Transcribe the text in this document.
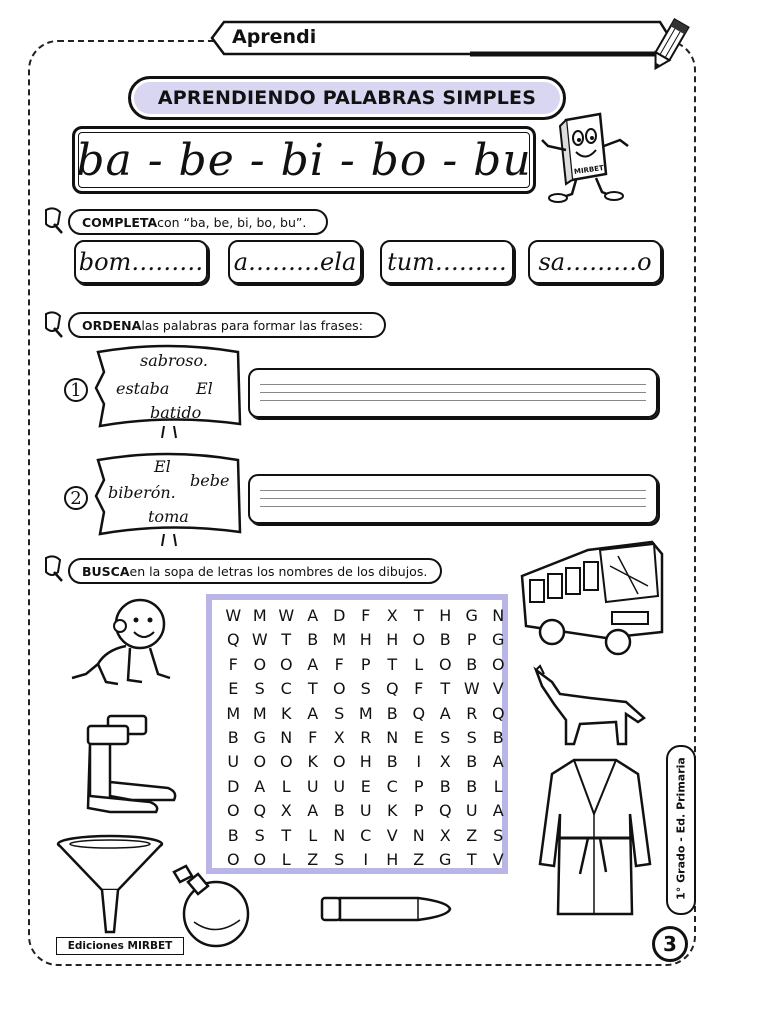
Aprendi
APRENDIENDO PALABRAS SIMPLES
ba - be - bi - bo - bu	MIRBET
COMPLETA con “ba, be, bi, bo, bu”.
bom……… a………ela tum………	sa………o
ORDENA las palabras para formar las frases:
1
sabroso.
estaba El
batido
2
El
biberón.
bebe
toma
BUSCA en la sopa de letras los nombres de los dibujos.
W M W A D F	X	T H G N
Q W T	B M H H O B	P G
F O O A	F	P	T	L O B O
E	S C	T O S Q F	T W V
M M K A S M B Q A R Q
B G N F	X R N E	S	S B
U O O K O H B	I	X B A
D A	L	U U E C	P	B B	L
O Q X A B U K	P Q U A
B S	T	L	N C V N X Z S
O O L	Z S	I	H Z G T	V	1° Grado - Ed. Primaria
Ediciones MIRBET	3
